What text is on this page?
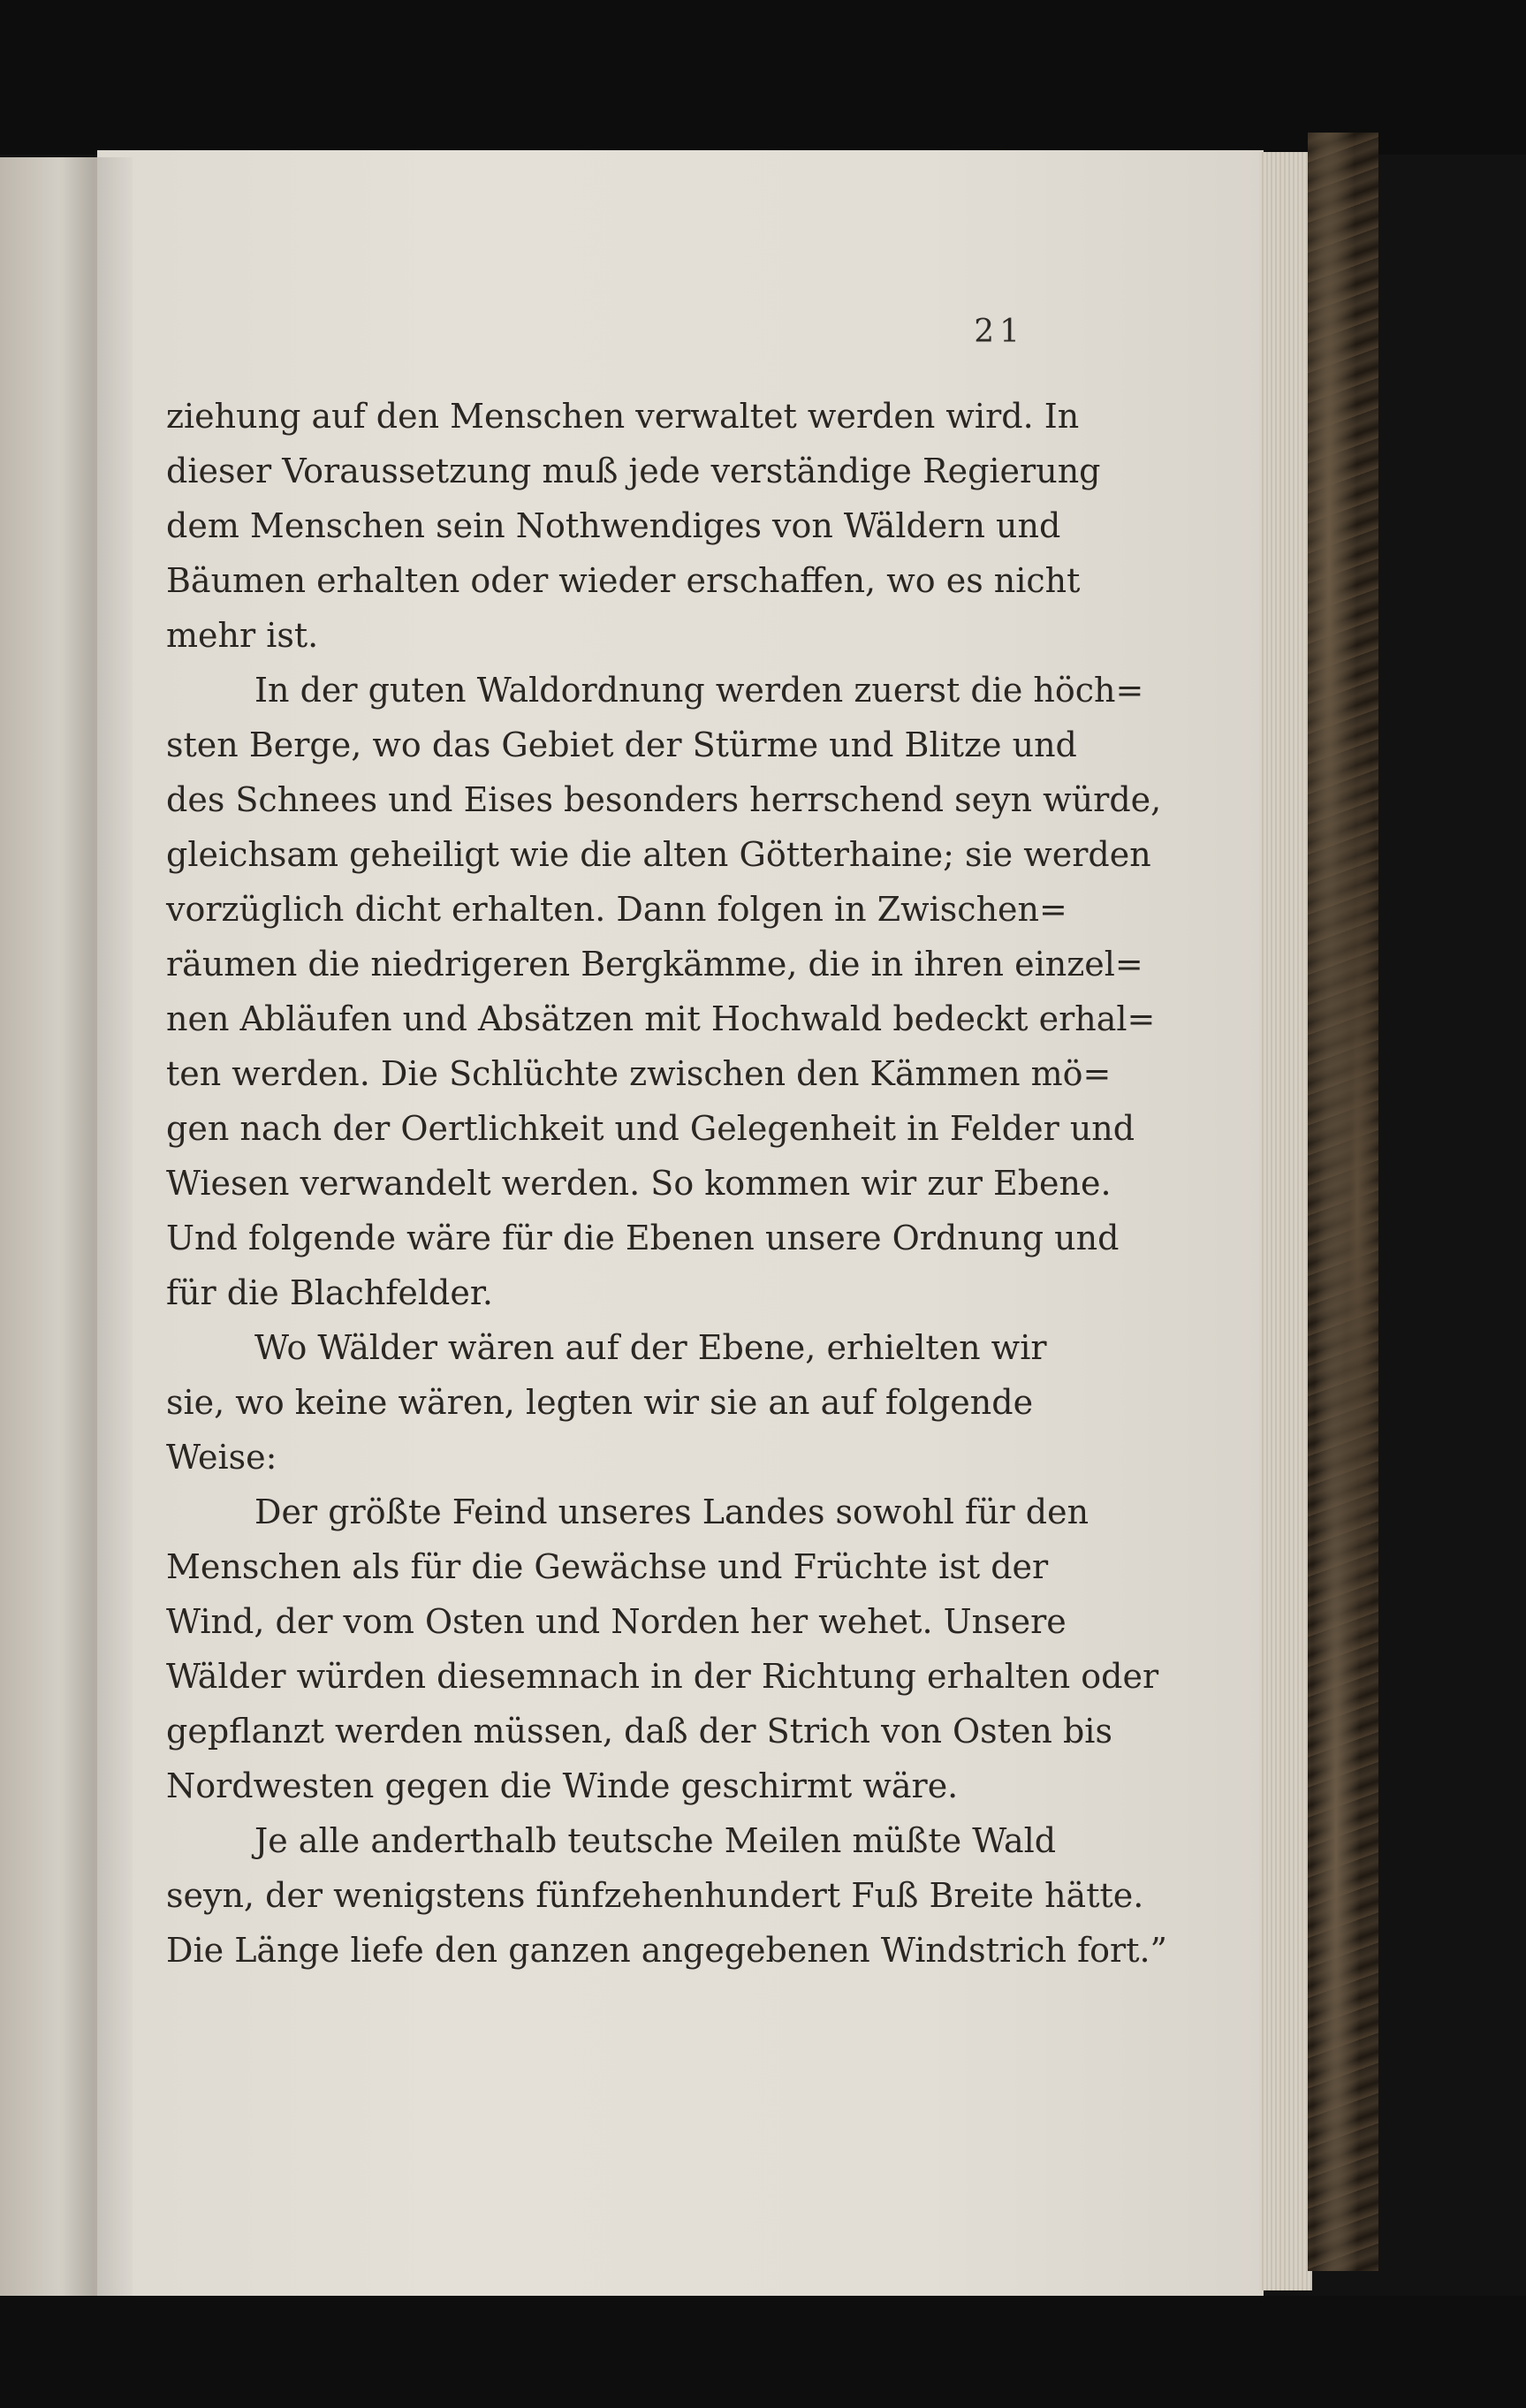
21
ziehung auf den Menschen verwaltet werden wird. In
dieser Voraussetzung muß jede verständige Regierung
dem Menschen sein Nothwendiges von Wäldern und
Bäumen erhalten oder wieder erschaffen, wo es nicht
mehr ist.
In der guten Waldordnung werden zuerst die höch=
sten Berge, wo das Gebiet der Stürme und Blitze und
des Schnees und Eises besonders herrschend seyn würde,
gleichsam geheiligt wie die alten Götterhaine; sie werden
vorzüglich dicht erhalten. Dann folgen in Zwischen=
räumen die niedrigeren Bergkämme, die in ihren einzel=
nen Abläufen und Absätzen mit Hochwald bedeckt erhal=
ten werden. Die Schlüchte zwischen den Kämmen mö=
gen nach der Oertlichkeit und Gelegenheit in Felder und
Wiesen verwandelt werden. So kommen wir zur Ebene.
Und folgende wäre für die Ebenen unsere Ordnung und
für die Blachfelder.
Wo Wälder wären auf der Ebene, erhielten wir
sie, wo keine wären, legten wir sie an auf folgende
Weise:
Der größte Feind unseres Landes sowohl für den
Menschen als für die Gewächse und Früchte ist der
Wind, der vom Osten und Norden her wehet. Unsere
Wälder würden diesemnach in der Richtung erhalten oder
gepflanzt werden müssen, daß der Strich von Osten bis
Nordwesten gegen die Winde geschirmt wäre.
Je alle anderthalb teutsche Meilen müßte Wald
seyn, der wenigstens fünfzehenhundert Fuß Breite hätte.
Die Länge liefe den ganzen angegebenen Windstrich fort.”
